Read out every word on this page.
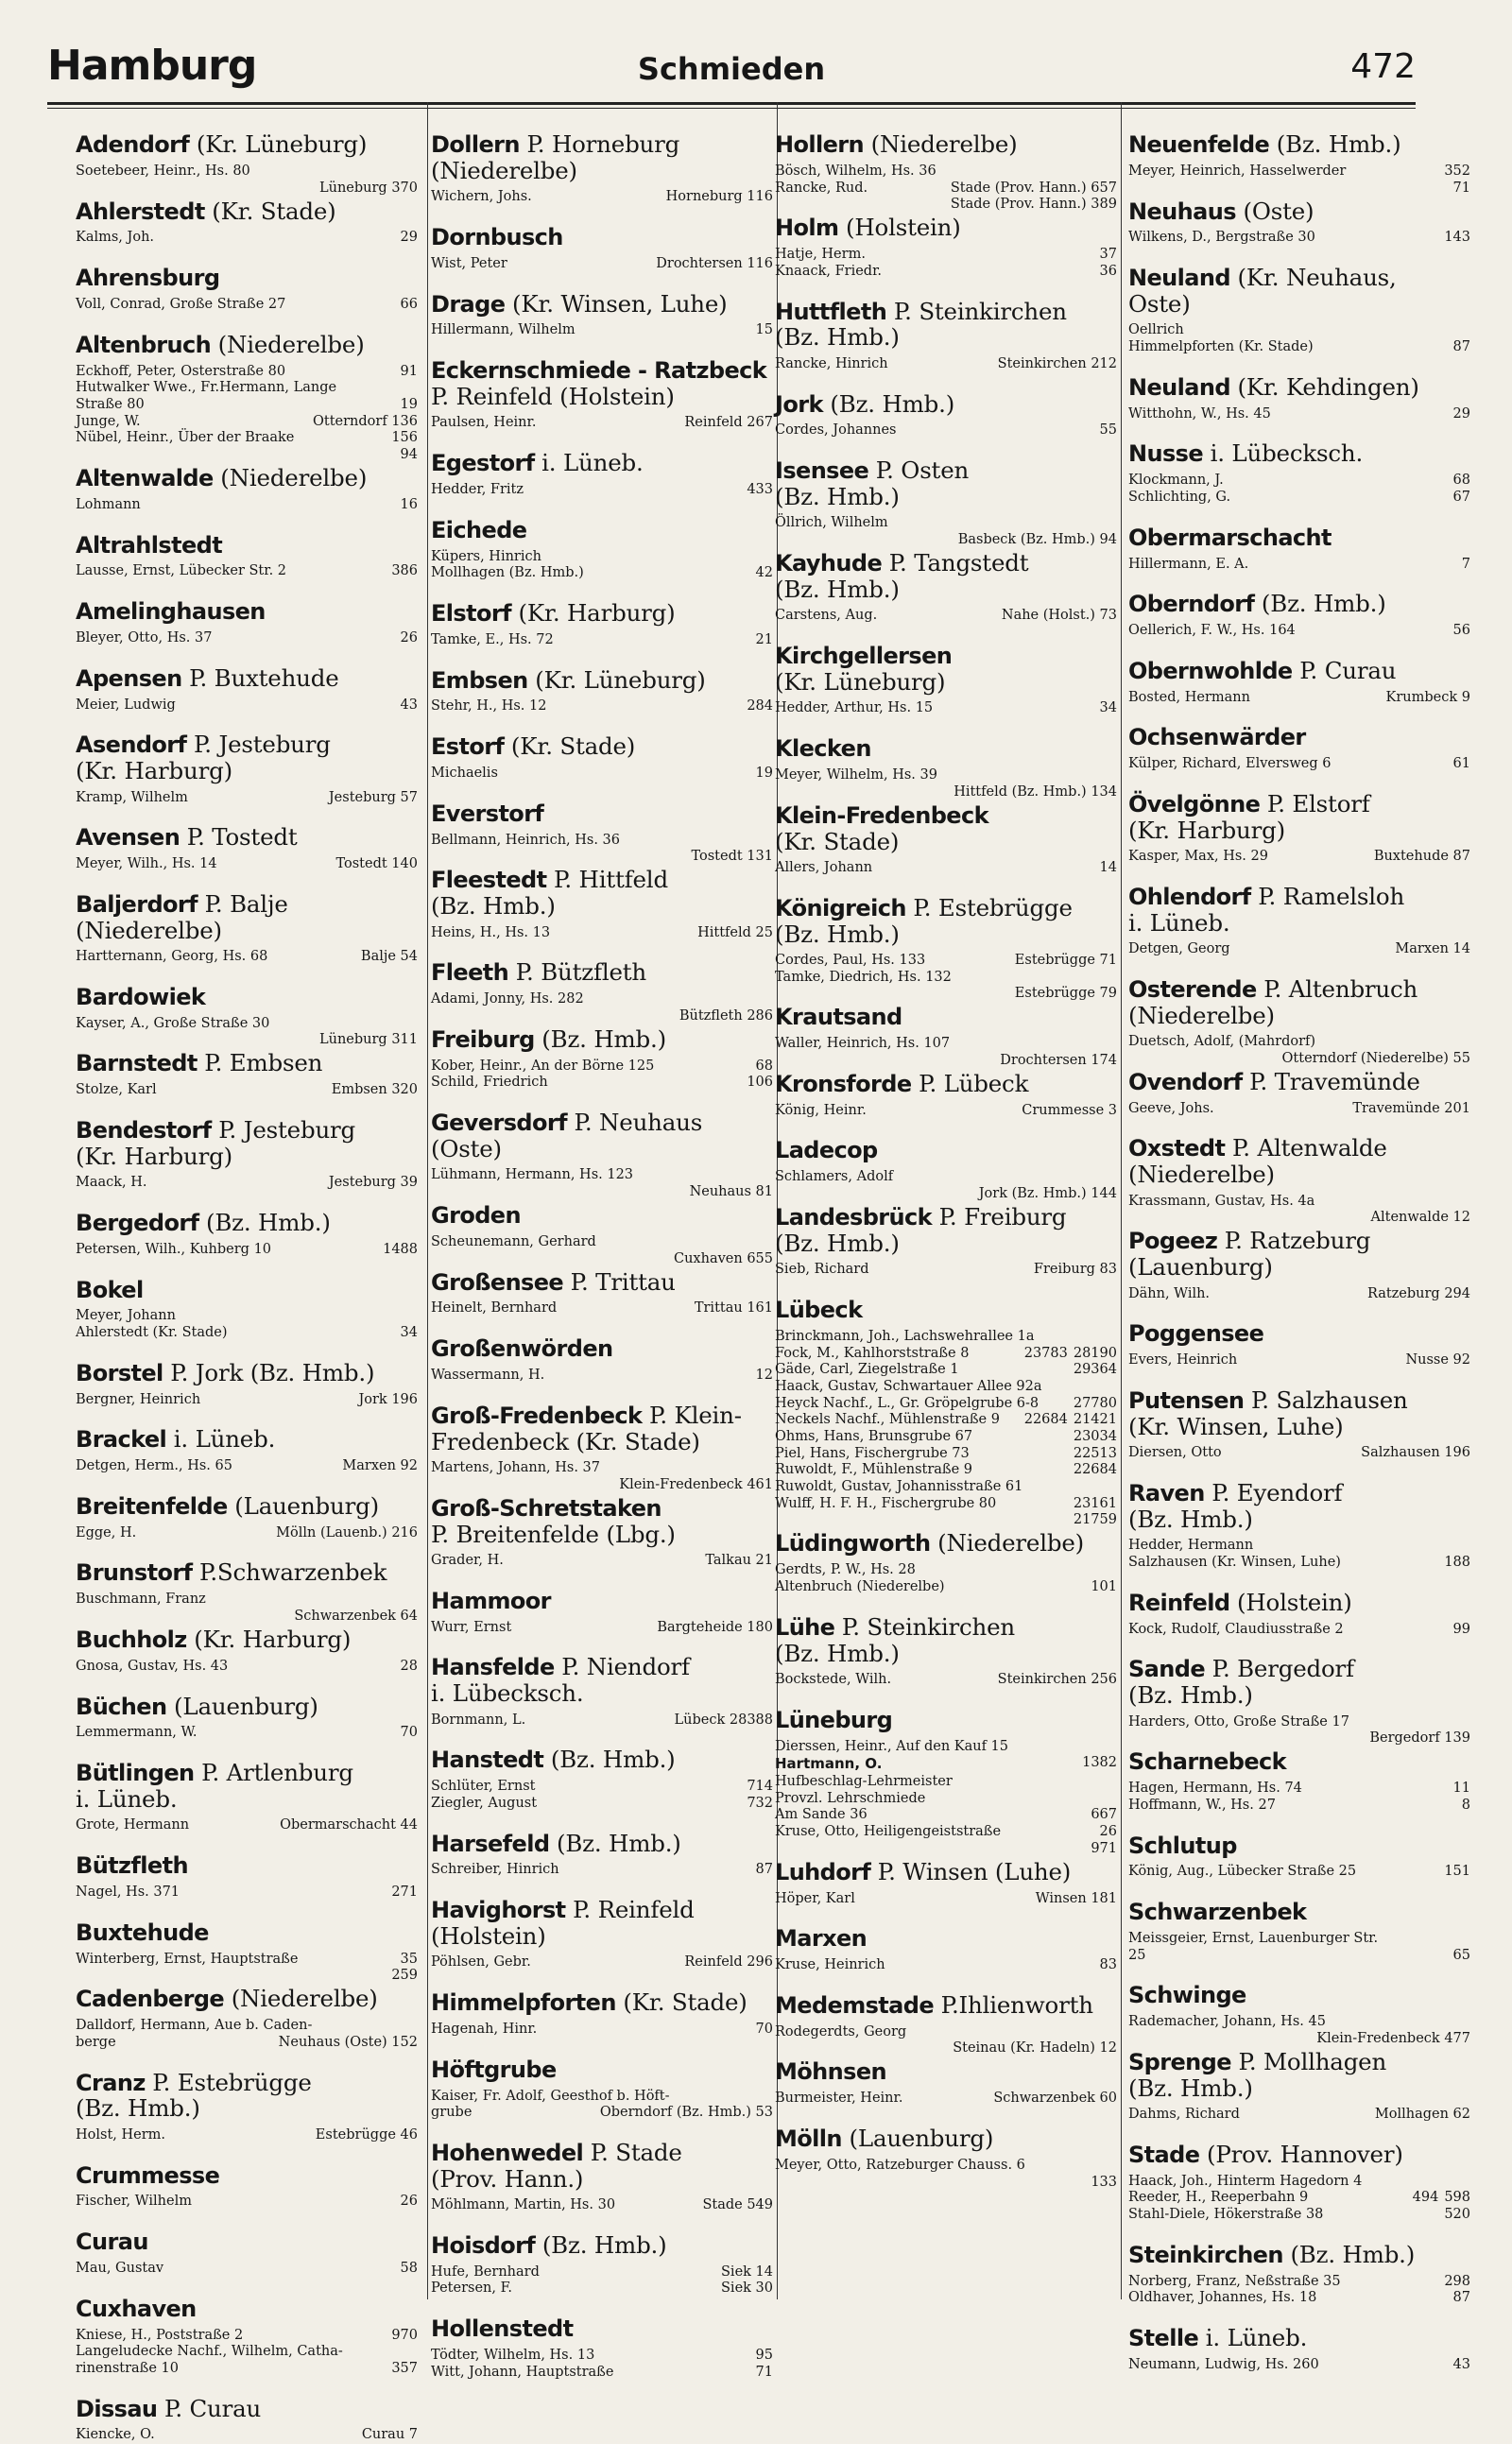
Hamburg	Schmieden	472
Adendorf (Kr. Lüneburg)
Soetebeer, Heinr., Hs. 80
Lüneburg 370
Ahlerstedt (Kr. Stade)
29
Kalms, Joh.
Ahrensburg
66
Voll, Conrad, Große Straße 27
Altenbruch (Niederelbe)
91
Eckhoff, Peter, Osterstraße 80
Hutwalker Wwe., Fr.Hermann, Lange
19
Straße 80
Otterndorf 136
Junge, W.
156
Nübel, Heinr., Über der Braake
94
Altenwalde (Niederelbe)
16
Lohmann
Altrahlstedt
386
Lausse, Ernst, Lübecker Str. 2
Amelinghausen
26
Bleyer, Otto, Hs. 37
Apensen P. Buxtehude
43
Meier, Ludwig
Asendorf P. Jesteburg
(Kr. Harburg)
Jesteburg 57
Kramp, Wilhelm
Avensen P. Tostedt
Tostedt 140
Meyer, Wilh., Hs. 14
Baljerdorf P. Balje
(Niederelbe)
Balje 54
Hartternann, Georg, Hs. 68
Bardowiek
Kayser, A., Große Straße 30
Lüneburg 311
Barnstedt P. Embsen
Embsen 320
Stolze, Karl
Bendestorf P. Jesteburg
(Kr. Harburg)
Jesteburg 39
Maack, H.
Bergedorf (Bz. Hmb.)
1488
Petersen, Wilh., Kuhberg 10
Bokel
Meyer, Johann
34
Ahlerstedt (Kr. Stade)
Borstel P. Jork (Bz. Hmb.)
Jork 196
Bergner, Heinrich
Brackel i. Lüneb.
Marxen 92
Detgen, Herm., Hs. 65
Breitenfelde (Lauenburg)
Mölln (Lauenb.) 216
Egge, H.
Brunstorf P.Schwarzenbek
Buschmann, Franz
Schwarzenbek 64
Buchholz (Kr. Harburg)
28
Gnosa, Gustav, Hs. 43
Büchen (Lauenburg)
70
Lemmermann, W.
Bütlingen P. Artlenburg
i. Lüneb.
Obermarschacht 44
Grote, Hermann
Bützfleth
271
Nagel, Hs. 371
Buxtehude
35
Winterberg, Ernst, Hauptstraße
259
Cadenberge (Niederelbe)
Dalldorf, Hermann, Aue b. Caden-
Neuhaus (Oste) 152
berge
Cranz P. Estebrügge
(Bz. Hmb.)
Estebrügge 46
Holst, Herm.
Crummesse
26
Fischer, Wilhelm
Curau
58
Mau, Gustav
Cuxhaven
970
Kniese, H., Poststraße 2
Langeludecke Nachf., Wilhelm, Catha-
357
rinenstraße 10
Dissau P. Curau
Curau 7
Kiencke, O.
Dollern P. Horneburg
(Niederelbe)
Horneburg 116
Wichern, Johs.
Dornbusch
Drochtersen 116
Wist, Peter
Drage (Kr. Winsen, Luhe)
15
Hillermann, Wilhelm
Eckernschmiede - Ratzbeck
P. Reinfeld (Holstein)
Reinfeld 267
Paulsen, Heinr.
Egestorf i. Lüneb.
433
Hedder, Fritz
Eichede
Küpers, Hinrich
42
Mollhagen (Bz. Hmb.)
Elstorf (Kr. Harburg)
21
Tamke, E., Hs. 72
Embsen (Kr. Lüneburg)
284
Stehr, H., Hs. 12
Estorf (Kr. Stade)
19
Michaelis
Everstorf
Bellmann, Heinrich, Hs. 36
Tostedt 131
Fleestedt P. Hittfeld
(Bz. Hmb.)
Hittfeld 25
Heins, H., Hs. 13
Fleeth P. Bützfleth
Adami, Jonny, Hs. 282
Bützfleth 286
Freiburg (Bz. Hmb.)
68
Kober, Heinr., An der Börne 125
106
Schild, Friedrich
Geversdorf P. Neuhaus
(Oste)
Lühmann, Hermann, Hs. 123
Neuhaus 81
Groden
Scheunemann, Gerhard
Cuxhaven 655
Großensee P. Trittau
Trittau 161
Heinelt, Bernhard
Großenwörden
12
Wassermann, H.
Groß-Fredenbeck P. Klein-
Fredenbeck (Kr. Stade)
Martens, Johann, Hs. 37
Klein-Fredenbeck 461
Groß-Schretstaken
P. Breitenfelde (Lbg.)
Talkau 21
Grader, H.
Hammoor
Bargteheide 180
Wurr, Ernst
Hansfelde P. Niendorf
i. Lübecksch.
Lübeck 28388
Bornmann, L.
Hanstedt (Bz. Hmb.)
714
Schlüter, Ernst
732
Ziegler, August
Harsefeld (Bz. Hmb.)
87
Schreiber, Hinrich
Havighorst P. Reinfeld
(Holstein)
Reinfeld 296
Pöhlsen, Gebr.
Himmelpforten (Kr. Stade)
70
Hagenah, Hinr.
Höftgrube
Kaiser, Fr. Adolf, Geesthof b. Höft-
Oberndorf (Bz. Hmb.) 53
grube
Hohenwedel P. Stade
(Prov. Hann.)
Stade 549
Möhlmann, Martin, Hs. 30
Hoisdorf (Bz. Hmb.)
Siek 14
Hufe, Bernhard
Siek 30
Petersen, F.
Hollenstedt
95
Tödter, Wilhelm, Hs. 13
71
Witt, Johann, Hauptstraße
Hollern (Niederelbe)
Bösch, Wilhelm, Hs. 36
Stade (Prov. Hann.) 657
Rancke, Rud.
Stade (Prov. Hann.) 389
Holm (Holstein)
37
Hatje, Herm.
36
Knaack, Friedr.
Huttfleth P. Steinkirchen
(Bz. Hmb.)
Steinkirchen 212
Rancke, Hinrich
Jork (Bz. Hmb.)
55
Cordes, Johannes
Isensee P. Osten
(Bz. Hmb.)
Öllrich, Wilhelm
Basbeck (Bz. Hmb.) 94
Kayhude P. Tangstedt
(Bz. Hmb.)
Nahe (Holst.) 73
Carstens, Aug.
Kirchgellersen
(Kr. Lüneburg)
34
Hedder, Arthur, Hs. 15
Klecken
Meyer, Wilhelm, Hs. 39
Hittfeld (Bz. Hmb.) 134
Klein-Fredenbeck
(Kr. Stade)
14
Allers, Johann
Königreich P. Estebrügge
(Bz. Hmb.)
Estebrügge 71
Cordes, Paul, Hs. 133
Tamke, Diedrich, Hs. 132
Estebrügge 79
Krautsand
Waller, Heinrich, Hs. 107
Drochtersen 174
Kronsforde P. Lübeck
Crummesse 3
König, Heinr.
Ladecop
Schlamers, Adolf
Jork (Bz. Hmb.) 144
Landesbrück P. Freiburg
(Bz. Hmb.)
Freiburg 83
Sieb, Richard
Lübeck
Brinckmann, Joh., Lachswehrallee 1a
28190
23783
Fock, M., Kahlhorststraße 8
29364
Gäde, Carl, Ziegelstraße 1
Haack, Gustav, Schwartauer Allee 92a
27780
Heyck Nachf., L., Gr. Gröpelgrube 6-8
21421
22684
Neckels Nachf., Mühlenstraße 9
23034
Ohms, Hans, Brunsgrube 67
22513
Piel, Hans, Fischergrube 73
22684
Ruwoldt, F., Mühlenstraße 9
Ruwoldt, Gustav, Johannisstraße 61
23161
Wulff, H. F. H., Fischergrube 80
21759
Lüdingworth (Niederelbe)
Gerdts, P. W., Hs. 28
101
Altenbruch (Niederelbe)
Lühe P. Steinkirchen
(Bz. Hmb.)
Steinkirchen 256
Bockstede, Wilh.
Lüneburg
Dierssen, Heinr., Auf den Kauf 15
1382
Hartmann, O.
Hufbeschlag-Lehrmeister
Provzl. Lehrschmiede
667
Am Sande 36
26
Kruse, Otto, Heiligengeiststraße
971
Luhdorf P. Winsen (Luhe)
Winsen 181
Höper, Karl
Marxen
83
Kruse, Heinrich
Medemstade P.Ihlienworth
Rodegerdts, Georg
Steinau (Kr. Hadeln) 12
Möhnsen
Schwarzenbek 60
Burmeister, Heinr.
Mölln (Lauenburg)
Meyer, Otto, Ratzeburger Chauss. 6
133
Neuenfelde (Bz. Hmb.)
352
Meyer, Heinrich, Hasselwerder
71
Neuhaus (Oste)
143
Wilkens, D., Bergstraße 30
Neuland (Kr. Neuhaus,
Oste)
Oellrich
87
Himmelpforten (Kr. Stade)
Neuland (Kr. Kehdingen)
29
Witthohn, W., Hs. 45
Nusse i. Lübecksch.
68
Klockmann, J.
67
Schlichting, G.
Obermarschacht
7
Hillermann, E. A.
Oberndorf (Bz. Hmb.)
56
Oellerich, F. W., Hs. 164
Obernwohlde P. Curau
Krumbeck 9
Bosted, Hermann
Ochsenwärder
61
Külper, Richard, Elversweg 6
Övelgönne P. Elstorf
(Kr. Harburg)
Buxtehude 87
Kasper, Max, Hs. 29
Ohlendorf P. Ramelsloh
i. Lüneb.
Marxen 14
Detgen, Georg
Osterende P. Altenbruch
(Niederelbe)
Duetsch, Adolf, (Mahrdorf)
Otterndorf (Niederelbe) 55
Ovendorf P. Travemünde
Travemünde 201
Geeve, Johs.
Oxstedt P. Altenwalde
(Niederelbe)
Krassmann, Gustav, Hs. 4a
Altenwalde 12
Pogeez P. Ratzeburg
(Lauenburg)
Ratzeburg 294
Dähn, Wilh.
Poggensee
Nusse 92
Evers, Heinrich
Putensen P. Salzhausen
(Kr. Winsen, Luhe)
Salzhausen 196
Diersen, Otto
Raven P. Eyendorf
(Bz. Hmb.)
Hedder, Hermann
188
Salzhausen (Kr. Winsen, Luhe)
Reinfeld (Holstein)
99
Kock, Rudolf, Claudiusstraße 2
Sande P. Bergedorf
(Bz. Hmb.)
Harders, Otto, Große Straße 17
Bergedorf 139
Scharnebeck
11
Hagen, Hermann, Hs. 74
8
Hoffmann, W., Hs. 27
Schlutup
151
König, Aug., Lübecker Straße 25
Schwarzenbek
Meissgeier, Ernst, Lauenburger Str.
65
25
Schwinge
Rademacher, Johann, Hs. 45
Klein-Fredenbeck 477
Sprenge P. Mollhagen
(Bz. Hmb.)
Mollhagen 62
Dahms, Richard
Stade (Prov. Hannover)
Haack, Joh., Hinterm Hagedorn 4
598
494
Reeder, H., Reeperbahn 9
520
Stahl-Diele, Hökerstraße 38
Steinkirchen (Bz. Hmb.)
298
Norberg, Franz, Neßstraße 35
87
Oldhaver, Johannes, Hs. 18
Stelle i. Lüneb.
43
Neumann, Ludwig, Hs. 260
